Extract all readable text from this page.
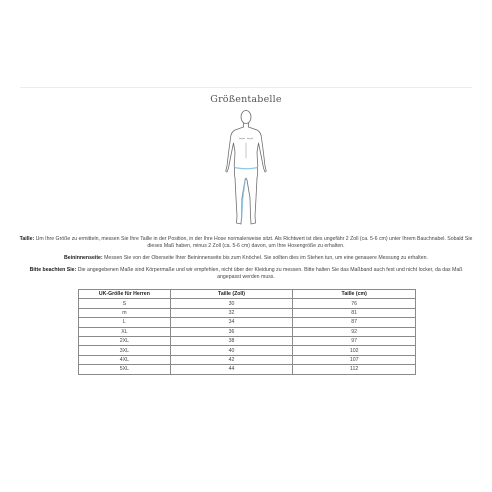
Größentabelle
Taille: Um Ihre Größe zu ermitteln, messen Sie Ihre Taille in der Position, in der Ihre Hose normalerweise sitzt. Als Richtwert ist dies ungefähr 2 Zoll (ca. 5-6 cm) unter Ihrem Bauchnabel. Sobald Sie dieses Maß haben, minus 2 Zoll (ca. 5-6 cm) davon, um Ihre Hosengröße zu erhalten.
Beininnenseite: Messen Sie von der Oberseite Ihrer Beininnenseite bis zum Knöchel. Sie sollten dies im Stehen tun, um eine genauere Messung zu erhalten.
Bitte beachten Sie: Die angegebenen Maße sind Körpermaße und wir empfehlen, nicht über der Kleidung zu messen. Bitte halten Sie das Maßband auch fest und nicht locker, da das Maß angepasst werden muss.
UK-Größe für Herren	Taille (Zoll)	Taille (cm)
S	30	76
m	32	81
L	34	87
XL	36	92
2XL	38	97
3XL	40	102
4XL	42	107
5XL	44	112
